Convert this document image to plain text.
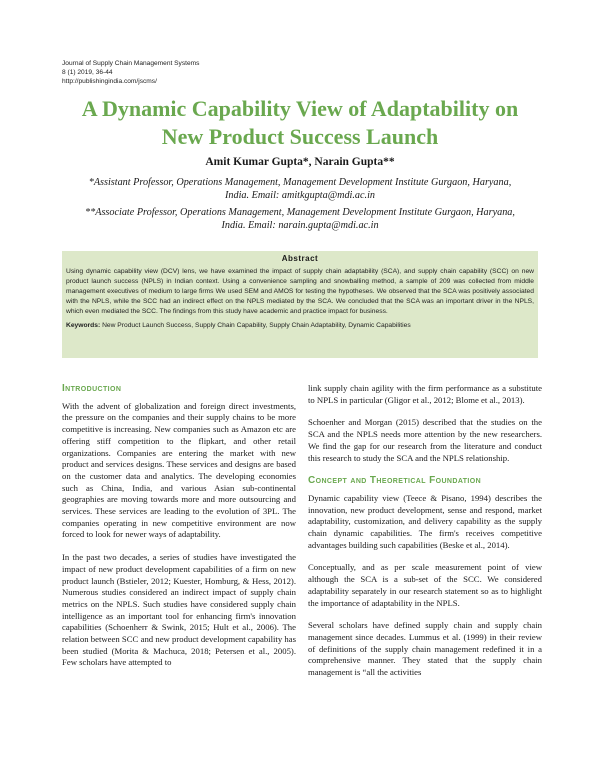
Journal of Supply Chain Management Systems
8 (1) 2019, 36-44
http://publishingindia.com/jscms/
A Dynamic Capability View of Adaptability on
New Product Success Launch
Amit Kumar Gupta*, Narain Gupta**
*Assistant Professor, Operations Management, Management Development Institute Gurgaon, Haryana,
India. Email: amitkgupta@mdi.ac.in
**Associate Professor, Operations Management, Management Development Institute Gurgaon, Haryana,
India. Email: narain.gupta@mdi.ac.in
Abstract
Using dynamic capability view (DCV) lens, we have examined the impact of supply chain adaptability (SCA), and supply chain capability (SCC) on new product launch success (NPLS) in Indian context. Using a convenience sampling and snowballing method, a sample of 209 was collected from middle management executives of medium to large firms We used SEM and AMOS for testing the hypotheses. We observed that the SCA was positively associated with the NPLS, while the SCC had an indirect effect on the NPLS mediated by the SCA. We concluded that the SCA was an important driver in the NPLS, which even mediated the SCC. The findings from this study have academic and practice impact for business.
Keywords: New Product Launch Success, Supply Chain Capability, Supply Chain Adaptability, Dynamic Capabilities
Introduction

With the advent of globalization and foreign direct investments, the pressure on the companies and their supply chains to be more competitive is increasing. New companies such as Amazon etc are offering stiff competition to the flipkart, and other retail organizations. Companies are entering the market with new product and services designs. These services and designs are based on the customer data and analytics. The developing economies such as China, India, and various Asian sub-continental geographies are moving towards more and more outsourcing and services. These services are leading to the evolution of 3PL. The companies operating in new competitive environment are now forced to look for newer ways of adaptability.

In the past two decades, a series of studies have investigated the impact of new product development capabilities of a firm on new product launch (Bstieler, 2012; Kuester, Homburg, & Hess, 2012). Numerous studies considered an indirect impact of supply chain metrics on the NPLS. Such studies have considered supply chain intelligence as an important tool for enhancing firm's innovation capabilities (Schoenherr & Swink, 2015; Hult et al., 2006). The relation between SCC and new product development capability has been studied (Morita & Machuca, 2018; Petersen et al., 2005). Few scholars have attempted to

link supply chain agility with the firm performance as a substitute to NPLS in particular (Gligor et al., 2012; Blome et al., 2013).

Schoenher and Morgan (2015) described that the studies on the SCA and the NPLS needs more attention by the new researchers. We find the gap for our research from the literature and conduct this research to study the SCA and the NPLS relationship.

Concept and Theoretical Foundation

Dynamic capability view (Teece & Pisano, 1994) describes the innovation, new product development, sense and respond, market adaptability, customization, and delivery capability as the supply chain dynamic capabilities. The firm's receives competitive advantages building such capabilities (Beske et al., 2014).

Conceptually, and as per scale measurement point of view although the SCA is a sub-set of the SCC. We considered adaptability separately in our research statement so as to highlight the importance of adaptability in the NPLS.

Several scholars have defined supply chain and supply chain management since decades. Lummus et al. (1999) in their review of definitions of the supply chain management redefined it in a comprehensive manner. They stated that the supply chain management is “all the activities
